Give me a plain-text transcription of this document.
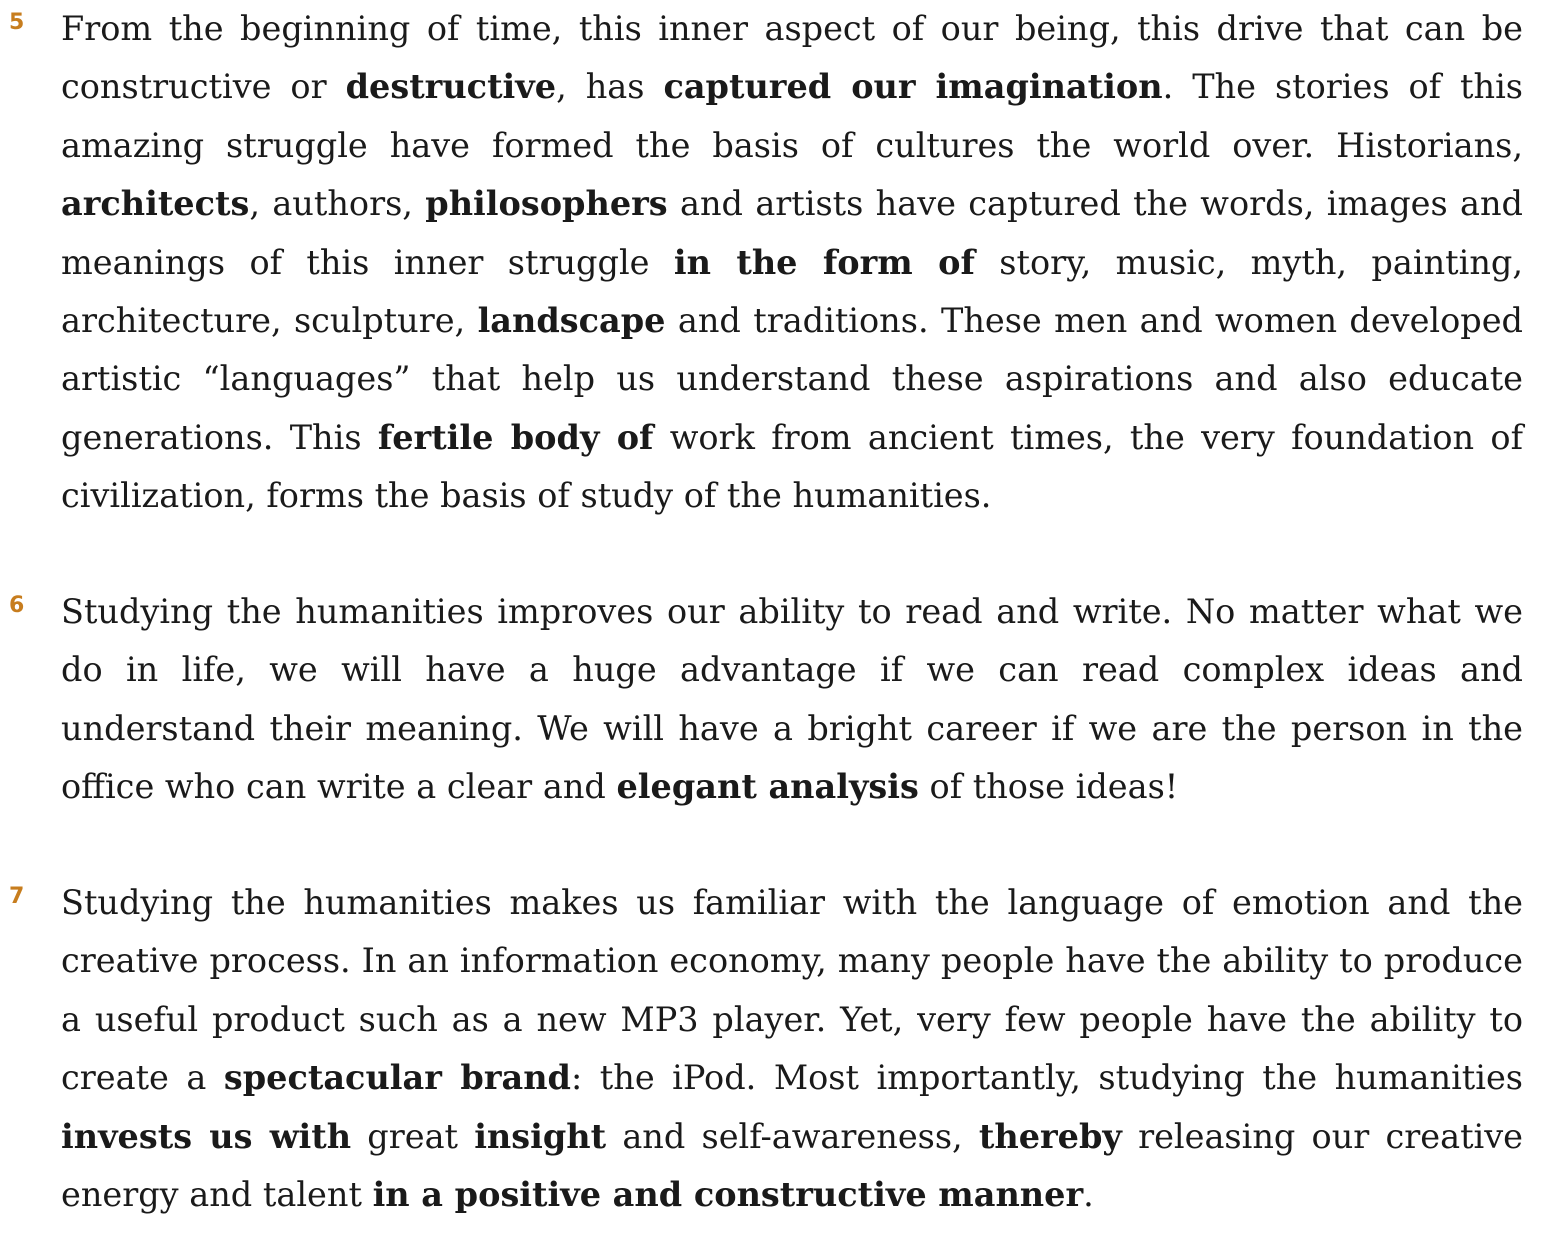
5 From the beginning of time, this inner aspect of our being, this drive that can be constructive or destructive, has captured our imagination. The stories of this amazing struggle have formed the basis of cultures the world over. Historians, architects, authors, philosophers and artists have captured the words, images and meanings of this inner struggle in the form of story, music, myth, painting, architecture, sculpture, landscape and traditions. These men and women developed artistic “languages” that help us understand these aspirations and also educate generations. This fertile body of work from ancient times, the very foundation of civilization, forms the basis of study of the humanities.

6 Studying the humanities improves our ability to read and write. No matter what we do in life, we will have a huge advantage if we can read complex ideas and understand their meaning. We will have a bright career if we are the person in the office who can write a clear and elegant analysis of those ideas!

7 Studying the humanities makes us familiar with the language of emotion and the creative process. In an information economy, many people have the ability to produce a useful product such as a new MP3 player. Yet, very few people have the ability to create a spectacular brand: the iPod. Most importantly, studying the humanities invests us with great insight and self-awareness, thereby releasing our creative energy and talent in a positive and constructive manner.
